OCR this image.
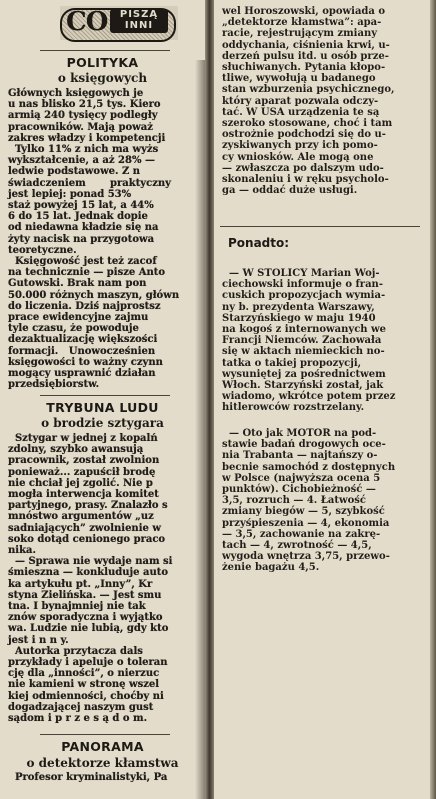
CO	PISZĄ
INNI
POLITYKA
o księgowych
Głównych księgowych je
u nas blisko 21,5 tys. Kiero
armią 240 tysięcy podległy
pracowników. Mają poważ
zakres władzy i kompetencji
Tylko 11% z nich ma wyżs
wykształcenie, a aż 28% —
ledwie podstawowe. Z n
świadczeniem       praktyczny
jest lepiej: ponad 53%
staż powyżej 15 lat, a 44%
6 do 15 lat. Jednak dopie
od niedawna kładzie się na
żyty nacisk na przygotowa
teoretyczne.
Księgowość jest też zacof
na technicznie — pisze Anto
Gutowski. Brak nam pon
50.000 różnych maszyn, główn
do liczenia. Dziś najprostsz
prace ewidencyjne zajmu
tyle czasu, że powoduje
dezaktualizację większości
formacji.   Unowocześnien
księgowości to ważny czynn
mogący usprawnić działan
przedsiębiorstw.
TRYBUNA LUDU
o brodzie sztygara
Sztygar w jednej z kopalń
zdolny, szybko awansują
pracownik, został zwolnion
ponieważ... zapuścił brodę
nie chciał jej zgolić. Nie p
mogła interwencja komitet
partyjnego, prasy. Znalazło s
mnóstwo argumentów „uz
sadniających” zwolnienie w
soko dotąd cenionego praco
nika.
— Sprawa nie wydaje nam si
śmieszna — konkluduje auto
ka artykułu pt. „Inny”, Kr
styna Zielińska. — Jest smu
tna. I bynajmniej nie tak
znów sporadyczna i wyjątko
wa. Ludzie nie lubią, gdy kto
jest i n n y.
Autorka przytacza dals
przykłady i apeluje o toleran
cję dla „inności”, o nierzuc
nie kamieni w stronę wszel
kiej odmienności, choćby ni
dogadzającej naszym gust
sądom i p r z e s ą d o m.
PANORAMA
o detektorze kłamstwa
Profesor kryminalistyki, Pa
wel Horoszowski, opowiada o
„detektorze kłamstwa”: apa-
racie, rejestrującym zmiany
oddychania, ciśnienia krwi, u-
derzeń pulsu itd. u osób prze-
słuchiwanych. Pytania kłopo-
tliwe, wywołują u badanego
stan wzburzenia psychicznego,
który aparat pozwala odczy-
tać. W USA urządzenia te są
szeroko stosowane, choć i tam
ostrożnie podchodzi się do u-
zyskiwanych przy ich pomo-
cy wniosków. Ale mogą one
— zwłaszcza po dalszym udo-
skonaleniu i w ręku psycholo-
ga — oddać duże usługi.
Ponadto:
— W STOLICY Marian Woj-
ciechowski informuje o fran-
cuskich propozycjach wymia-
ny b. prezydenta Warszawy,
Starzyńskiego w maju 1940
na kogoś z internowanych we
Francji Niemców. Zachowała
się w aktach niemieckich no-
tatka o takiej propozycji,
wysuniętej za pośrednictwem
Włoch. Starzyński został, jak
wiadomo, wkrótce potem przez
hitlerowców rozstrzelany.
— Oto jak MOTOR na pod-
stawie badań drogowych oce-
nia Trabanta — najtańszy o-
becnie samochód z dostępnych
w Polsce (najwyższa ocena 5
punktów). Cichobieżność —
3,5, rozruch — 4. Łatwość
zmiany biegów — 5, szybkość
przyśpieszenia — 4, ekonomia
— 3,5, zachowanie na zakrę-
tach — 4, zwrotność — 4,5,
wygoda wnętrza 3,75, przewo-
żenie bagażu 4,5.
